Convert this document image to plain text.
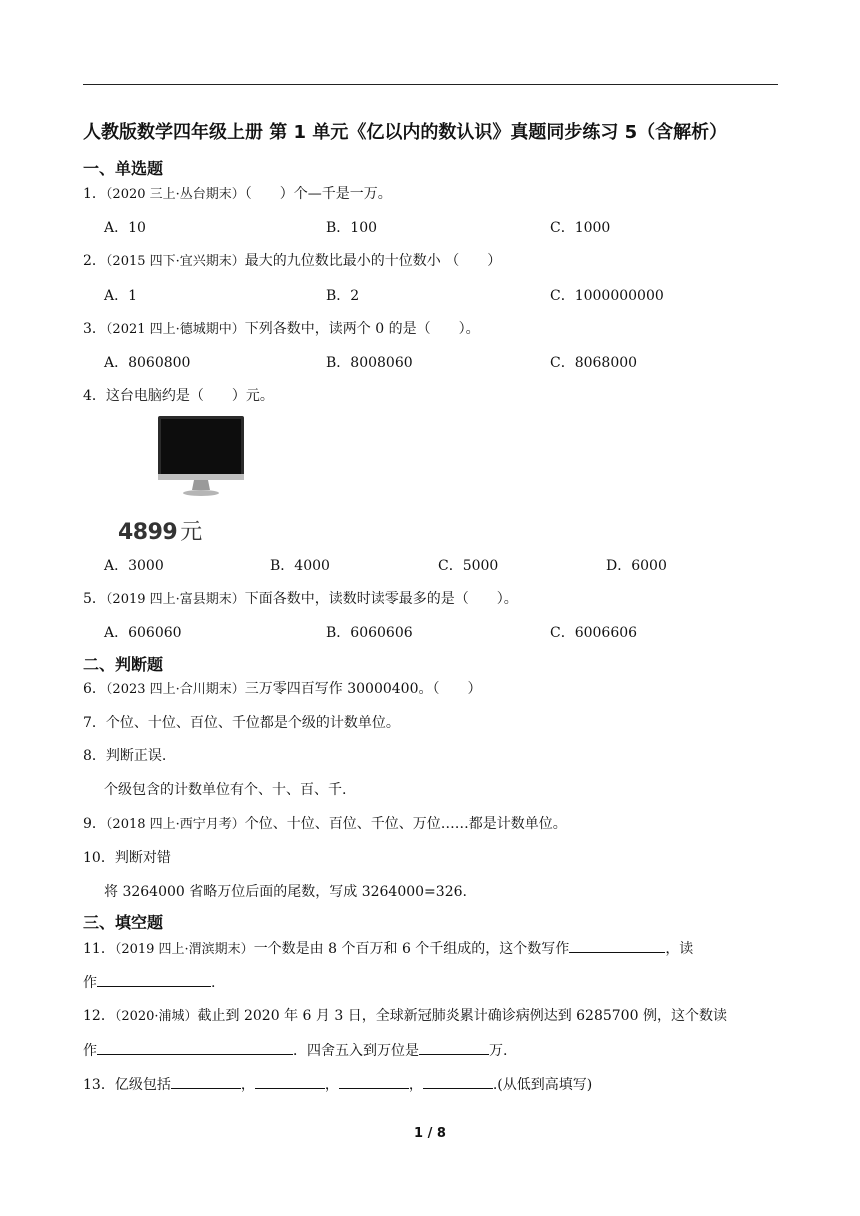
人教版数学四年级上册 第 1 单元《亿以内的数认识》真题同步练习 5（含解析）
一、单选题
1．（2020 三上·丛台期末）（　　）个—千是一万。
A．10	B．100	C．1000
2．（2015 四下·宜兴期末）最大的九位数比最小的十位数小 （　　）
A．1	B．2	C．1000000000
3．（2021 四上·德城期中）下列各数中，读两个 0 的是（　　）。
A．8060800	B．8008060	C．8068000
4．这台电脑约是（　　）元。
4899 元
A．3000	B．4000	C．5000	D．6000
5．（2019 四上·富县期末）下面各数中，读数时读零最多的是（　　）。
A．606060	B．6060606	C．6006606
二、判断题
6．（2023 四上·合川期末）三万零四百写作 30000400。（　　）
7．个位、十位、百位、千位都是个级的计数单位。
8．判断正误.
个级包含的计数单位有个、十、百、千.
9．（2018 四上·西宁月考）个位、十位、百位、千位、万位……都是计数单位。
10．判断对错
将 3264000 省略万位后面的尾数，写成 3264000=326.
三、填空题
11．（2019 四上·渭滨期末）一个数是由 8 个百万和 6 个千组成的，这个数写作	，读
作	.
12．（2020·浦城）截止到 2020 年 6 月 3 日，全球新冠肺炎累计确诊病例达到 6285700 例，这个数读
作	．四舍五入到万位是	万.
13．亿级包括	，	，	，	.(从低到高填写)
1 / 8
